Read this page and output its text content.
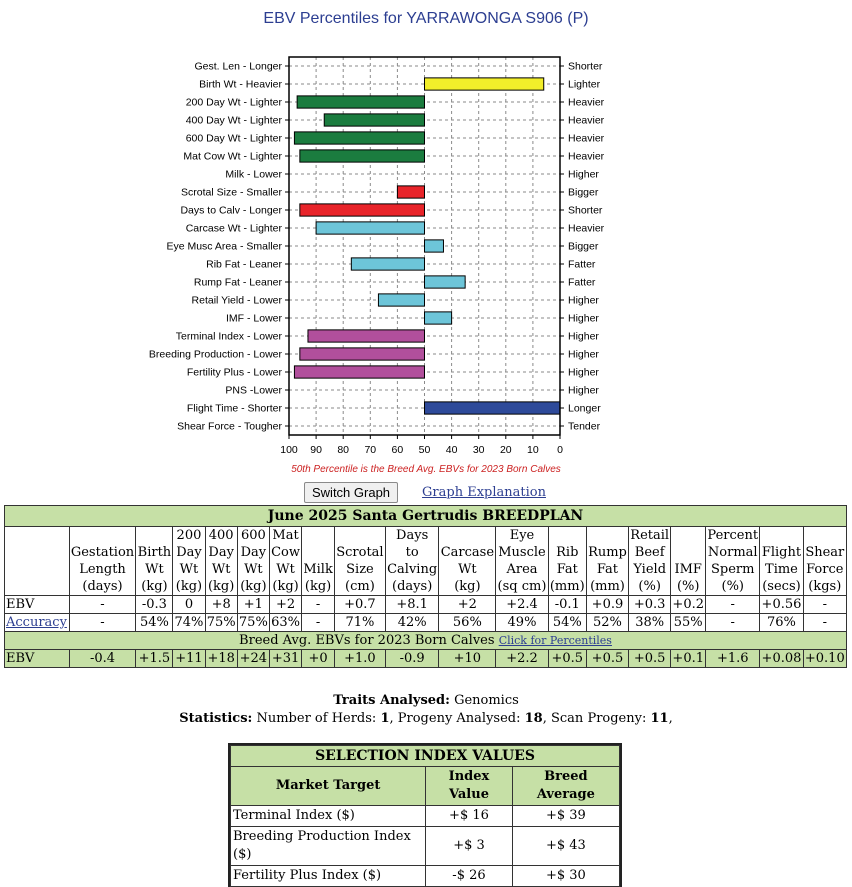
EBV Percentiles for YARRAWONGA S906 (P)
Gest. Len - Longer	Shorter
Birth Wt - Heavier	Lighter
200 Day Wt - Lighter	Heavier
400 Day Wt - Lighter	Heavier
600 Day Wt - Lighter	Heavier
Mat Cow Wt - Lighter	Heavier
Milk - Lower	Higher
Scrotal Size - Smaller	Bigger
Days to Calv - Longer	Shorter
Carcase Wt - Lighter	Heavier
Eye Musc Area - Smaller	Bigger
Rib Fat - Leaner	Fatter
Rump Fat - Leaner	Fatter
Retail Yield - Lower	Higher
IMF - Lower	Higher
Terminal Index - Lower	Higher
Breeding Production - Lower	Higher
Fertility Plus - Lower	Higher
PNS -Lower	Higher
Flight Time - Shorter	Longer
Shear Force - Tougher	Tender
100 90 80 70 60 50 40 30 20 10 0
50th Percentile is the Breed Avg. EBVs for 2023 Born Calves
Switch Graph	Graph Explanation
June 2025 Santa Gertrudis BREEDPLAN																		
	Gestation
Length
(days)	Birth
Wt
(kg)	200
Day
Wt
(kg)	400
Day
Wt
(kg)	600
Day
Wt
(kg)	Mat
Cow
Wt
(kg)	Milk
(kg)	Scrotal
Size
(cm)	Days
to
Calving
(days)	Carcase
Wt
(kg)	Eye
Muscle
Area
(sq cm)	Rib
Fat
(mm)	Rump
Fat
(mm)	Retail
Beef
Yield
(%)	IMF
(%)	Percent
Normal
Sperm
(%)	Flight
Time
(secs)	Shear
Force
(kgs)
EBV	-	-0.3	0	+8	+1	+2	-	+0.7	+8.1	+2	+2.4	-0.1	+0.9	+0.3	+0.2	-	+0.56	-
Accuracy	-	54%	74%	75%	75%	63%	-	71%	42%	56%	49%	54%	52%	38%	55%	-	76%	-
Breed Avg. EBVs for 2023 Born Calves Click for Percentiles																		
EBV	-0.4	+1.5	+11	+18	+24	+31	+0	+1.0	-0.9	+10	+2.2	+0.5	+0.5	+0.5	+0.1	+1.6	+0.08	+0.10
Traits Analysed: Genomics
Statistics: Number of Herds: 1, Progeny Analysed: 18, Scan Progeny: 11,
SELECTION INDEX VALUES		
Market Target	Index Value	Breed Average
Terminal Index ($)	+$ 16	+$ 39
Breeding Production Index ($)	+$ 3	+$ 43
Fertility Plus Index ($)	-$ 26	+$ 30
